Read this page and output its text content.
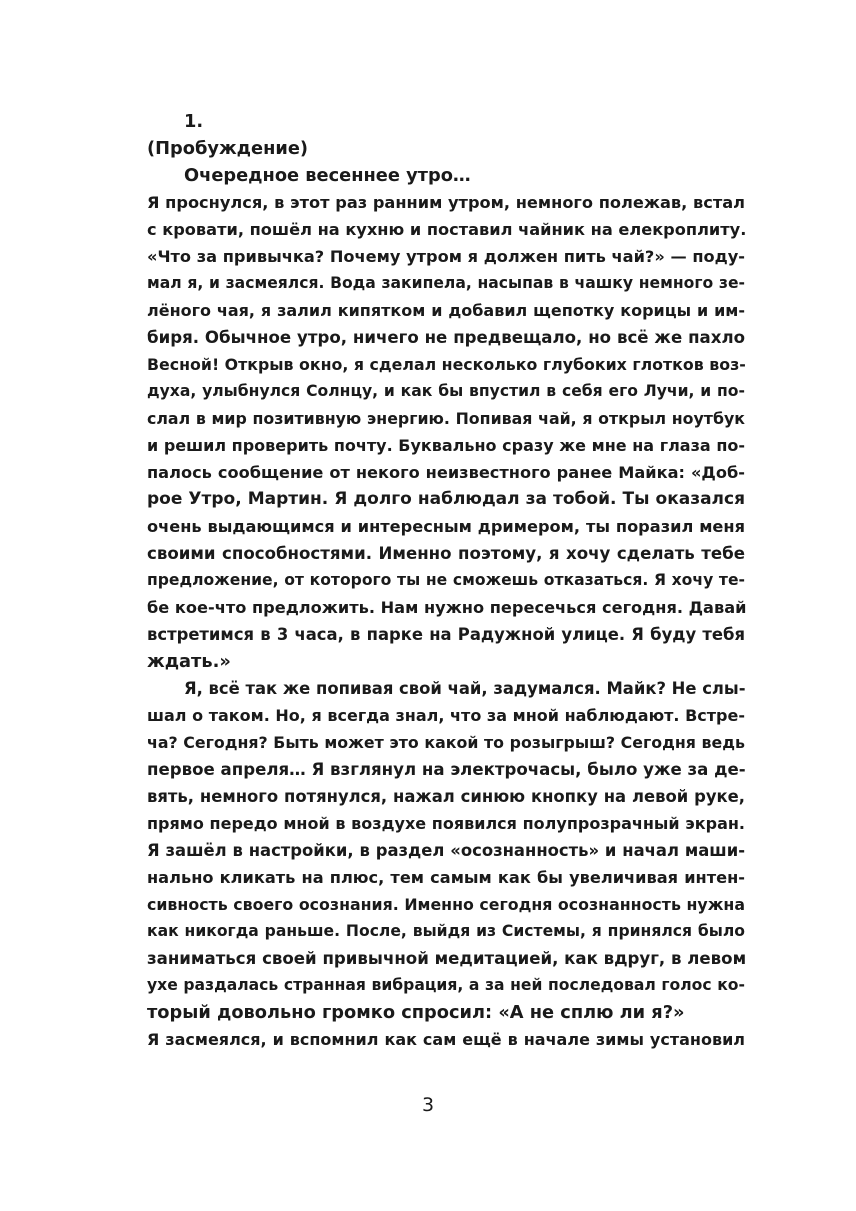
1.
(Пробуждение)
Очередное весеннее утро…
Я проснулся, в этот раз ранним утром, немного полежав, встал
с кровати, пошёл на кухню и поставил чайник на елекроплиту.
«Что за привычка? Почему утром я должен пить чай?» — поду-
мал я, и засмеялся. Вода закипела, насыпав в чашку немного зе-
лёного чая, я залил кипятком и добавил щепотку корицы и им-
биря. Обычное утро, ничего не предвещало, но всё же пахло
Весной! Открыв окно, я сделал несколько глубоких глотков воз-
духа, улыбнулся Солнцу, и как бы впустил в себя его Лучи, и по-
слал в мир позитивную энергию. Попивая чай, я открыл ноутбук
и решил проверить почту. Буквально сразу же мне на глаза по-
палось сообщение от некого неизвестного ранее Майка: «Доб-
рое Утро, Мартин. Я долго наблюдал за тобой. Ты оказался
очень выдающимся и интересным дримером, ты поразил меня
своими способностями. Именно поэтому, я хочу сделать тебе
предложение, от которого ты не сможешь отказаться. Я хочу те-
бе кое-что предложить. Нам нужно пересечься сегодня. Давай
встретимся в 3 часа, в парке на Радужной улице. Я буду тебя
ждать.»
Я, всё так же попивая свой чай, задумался. Майк? Не слы-
шал о таком. Но, я всегда знал, что за мной наблюдают. Встре-
ча? Сегодня? Быть может это какой то розыгрыш? Сегодня ведь
первое апреля… Я взглянул на электрочасы, было уже за де-
вять, немного потянулся, нажал синюю кнопку на левой руке,
прямо передо мной в воздухе появился полупрозрачный экран.
Я зашёл в настройки, в раздел «осознанность» и начал маши-
нально кликать на плюс, тем самым как бы увеличивая интен-
сивность своего осознания. Именно сегодня осознанность нужна
как никогда раньше. После, выйдя из Системы, я принялся было
заниматься своей привычной медитацией, как вдруг, в левом
ухе раздалась странная вибрация, а за ней последовал голос ко-
торый довольно громко спросил: «А не сплю ли я?»
Я засмеялся, и вспомнил как сам ещё в начале зимы установил
3
